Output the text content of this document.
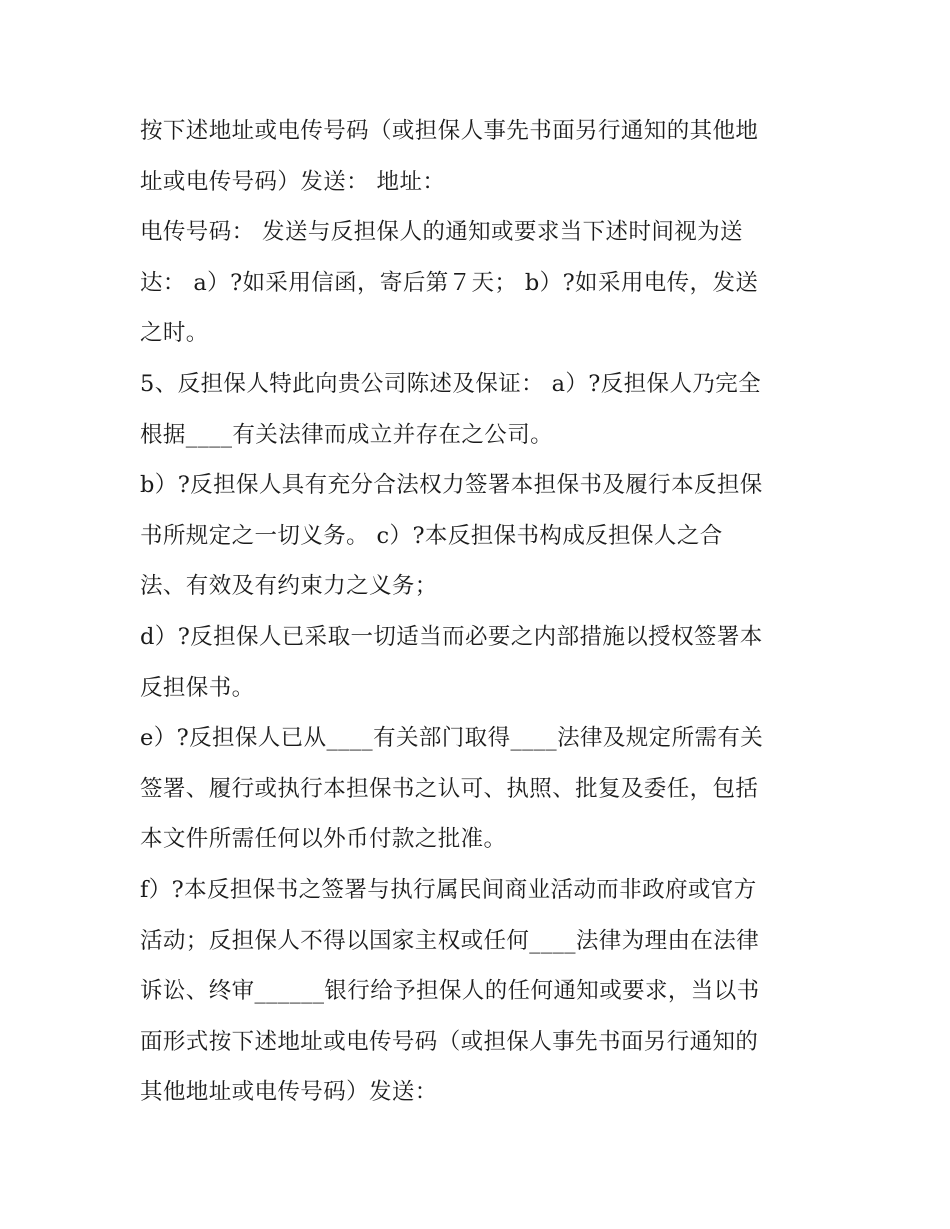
按下述地址或电传号码（或担保人事先书面另行通知的其他地
址或电传号码）发送： 地址：
电传号码： 发送与反担保人的通知或要求当下述时间视为送
达： a）?如采用信函，寄后第７天； b）?如采用电传，发送
之时。
5、反担保人特此向贵公司陈述及保证： a）?反担保人乃完全
根据____有关法律而成立并存在之公司。
b）?反担保人具有充分合法权力签署本担保书及履行本反担保
书所规定之一切义务。 c）?本反担保书构成反担保人之合
法、有效及有约束力之义务；
d）?反担保人已采取一切适当而必要之内部措施以授权签署本
反担保书。
e）?反担保人已从____有关部门取得____法律及规定所需有关
签署、履行或执行本担保书之认可、执照、批复及委任，包括
本文件所需任何以外币付款之批准。
f）?本反担保书之签署与执行属民间商业活动而非政府或官方
活动；反担保人不得以国家主权或任何____法律为理由在法律
诉讼、终审______银行给予担保人的任何通知或要求，当以书
面形式按下述地址或电传号码（或担保人事先书面另行通知的
其他地址或电传号码）发送：
